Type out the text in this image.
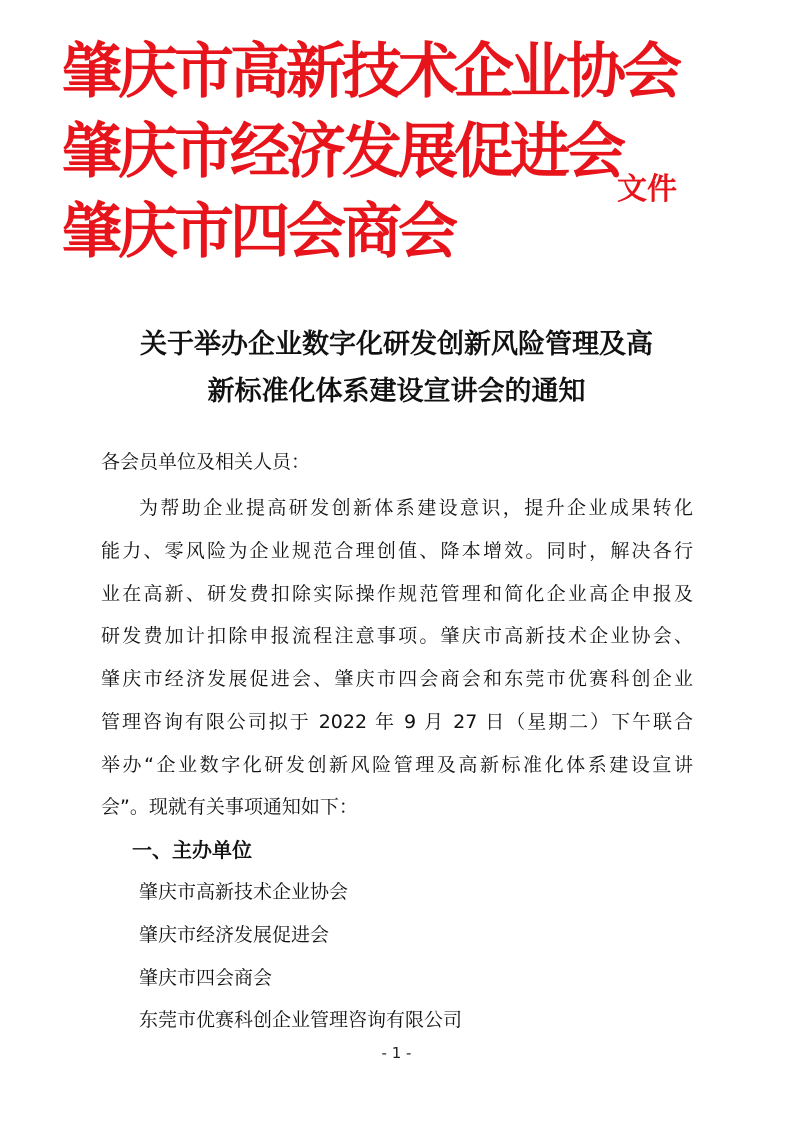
肇庆市高新技术企业协会
肇庆市经济发展促进会
肇庆市四会商会
文件
关于举办企业数字化研发创新风险管理及高
新标准化体系建设宣讲会的通知
各会员单位及相关人员：
为帮助企业提高研发创新体系建设意识，提升企业成果转化
能力、零风险为企业规范合理创值、降本增效。同时，解决各行
业在高新、研发费扣除实际操作规范管理和简化企业高企申报及
研发费加计扣除申报流程注意事项。肇庆市高新技术企业协会、
肇庆市经济发展促进会、肇庆市四会商会和东莞市优赛科创企业
管理咨询有限公司拟于 2022 年 9 月 27 日（星期二）下午联合
举办“企业数字化研发创新风险管理及高新标准化体系建设宣讲
会”。现就有关事项通知如下：
一、主办单位
肇庆市高新技术企业协会
肇庆市经济发展促进会
肇庆市四会商会
东莞市优赛科创企业管理咨询有限公司
- 1 -
